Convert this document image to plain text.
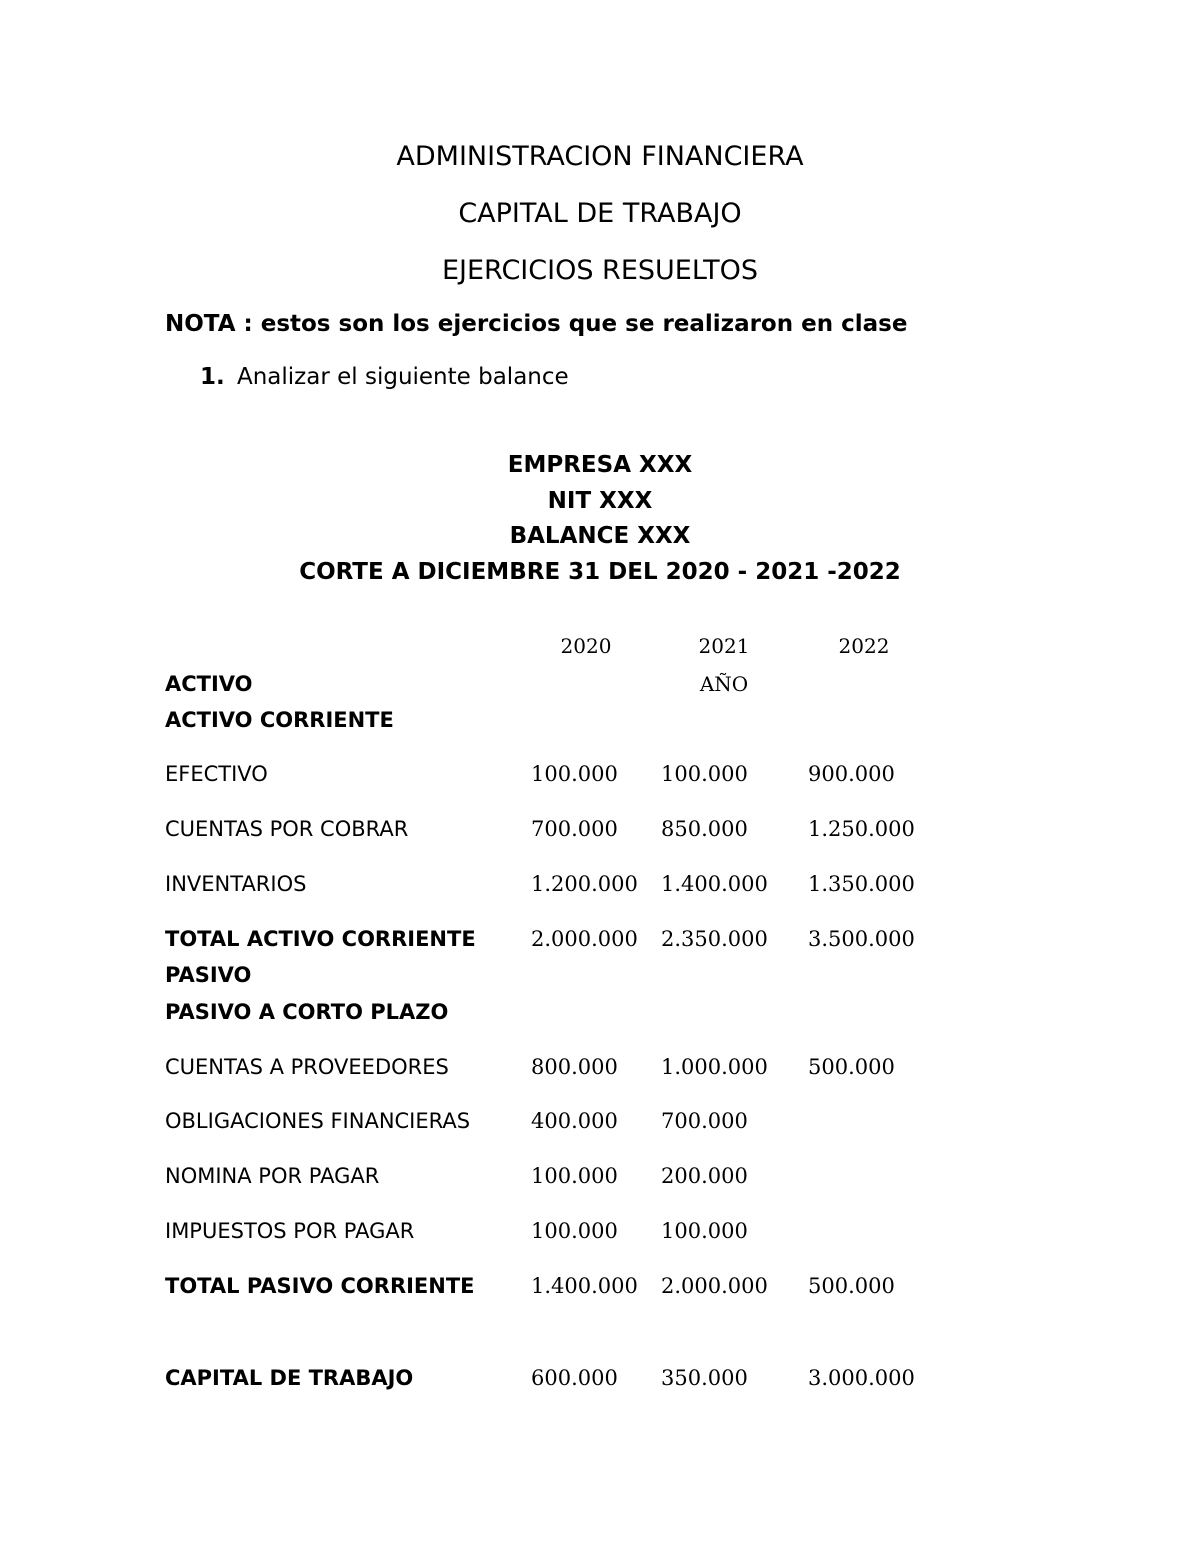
ADMINISTRACION FINANCIERA
CAPITAL DE TRABAJO
EJERCICIOS RESUELTOS
NOTA : estos son los ejercicios que se realizaron en clase
1. Analizar el siguiente balance
EMPRESA XXX
NIT XXX
BALANCE XXX
CORTE A DICIEMBRE 31 DEL 2020 - 2021 -2022
2020	2021	2022
AÑO
ACTIVO
ACTIVO CORRIENTE
EFECTIVO	100.000 100.000	900.000
CUENTAS POR COBRAR	700.000 850.000	1.250.000
INVENTARIOS	1.200.000 1.400.000 1.350.000
TOTAL ACTIVO CORRIENTE	2.000.000 2.350.000 3.500.000
PASIVO
PASIVO A CORTO PLAZO
CUENTAS A PROVEEDORES	800.000 1.000.000 500.000
OBLIGACIONES FINANCIERAS	400.000 700.000
NOMINA POR PAGAR	100.000 200.000
IMPUESTOS POR PAGAR	100.000 100.000
TOTAL PASIVO CORRIENTE	1.400.000 2.000.000 500.000
CAPITAL DE TRABAJO	600.000 350.000	3.000.000
